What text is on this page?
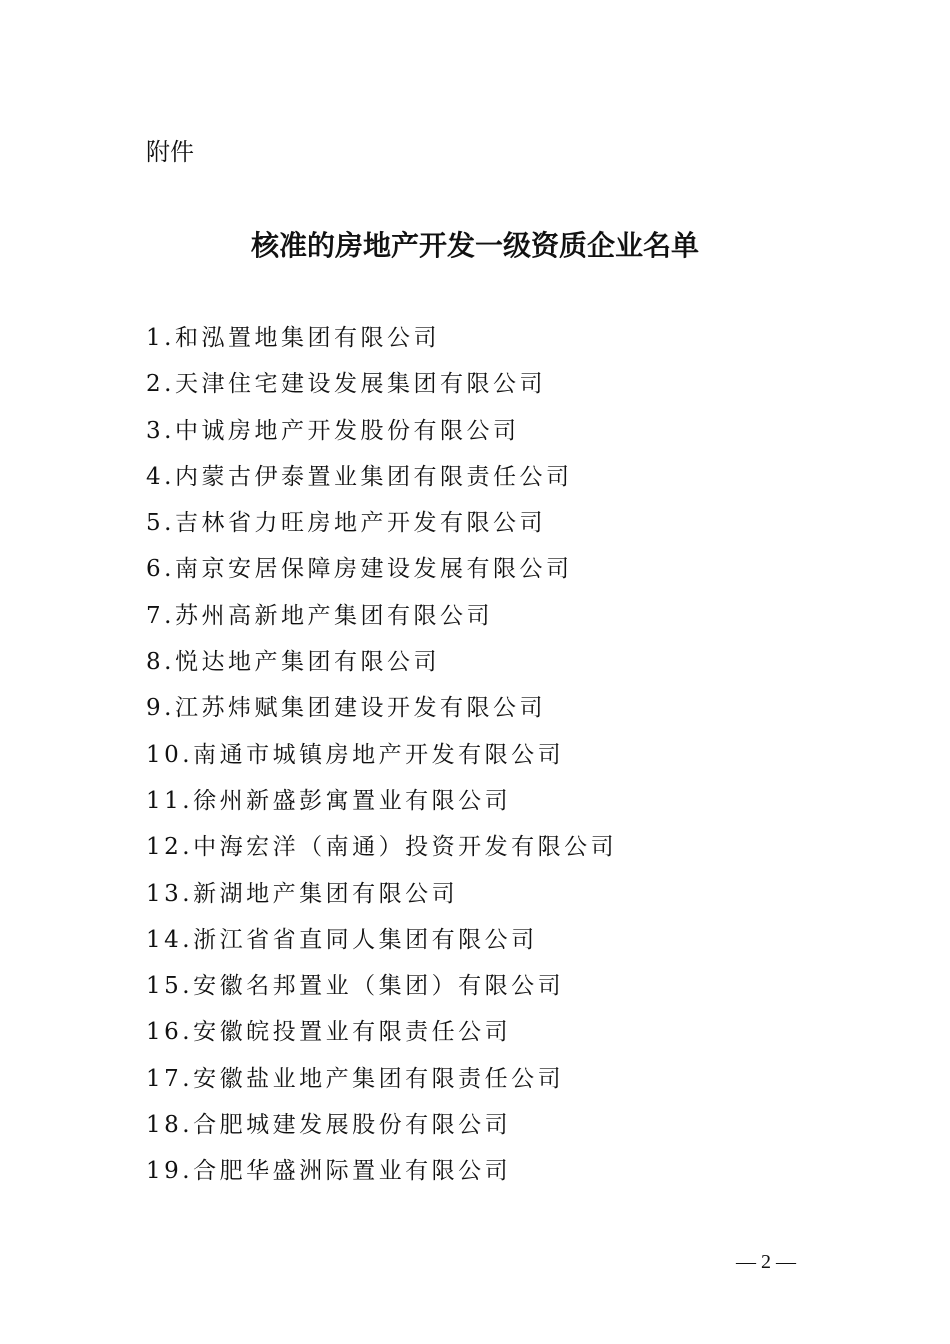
附件
核准的房地产开发一级资质企业名单
1.和泓置地集团有限公司
2.天津住宅建设发展集团有限公司
3.中诚房地产开发股份有限公司
4.内蒙古伊泰置业集团有限责任公司
5.吉林省力旺房地产开发有限公司
6.南京安居保障房建设发展有限公司
7.苏州高新地产集团有限公司
8.悦达地产集团有限公司
9.江苏炜赋集团建设开发有限公司
10.南通市城镇房地产开发有限公司
11.徐州新盛彭寓置业有限公司
12.中海宏洋（南通）投资开发有限公司
13.新湖地产集团有限公司
14.浙江省省直同人集团有限公司
15.安徽名邦置业（集团）有限公司
16.安徽皖投置业有限责任公司
17.安徽盐业地产集团有限责任公司
18.合肥城建发展股份有限公司
19.合肥华盛洲际置业有限公司
— 2 —
